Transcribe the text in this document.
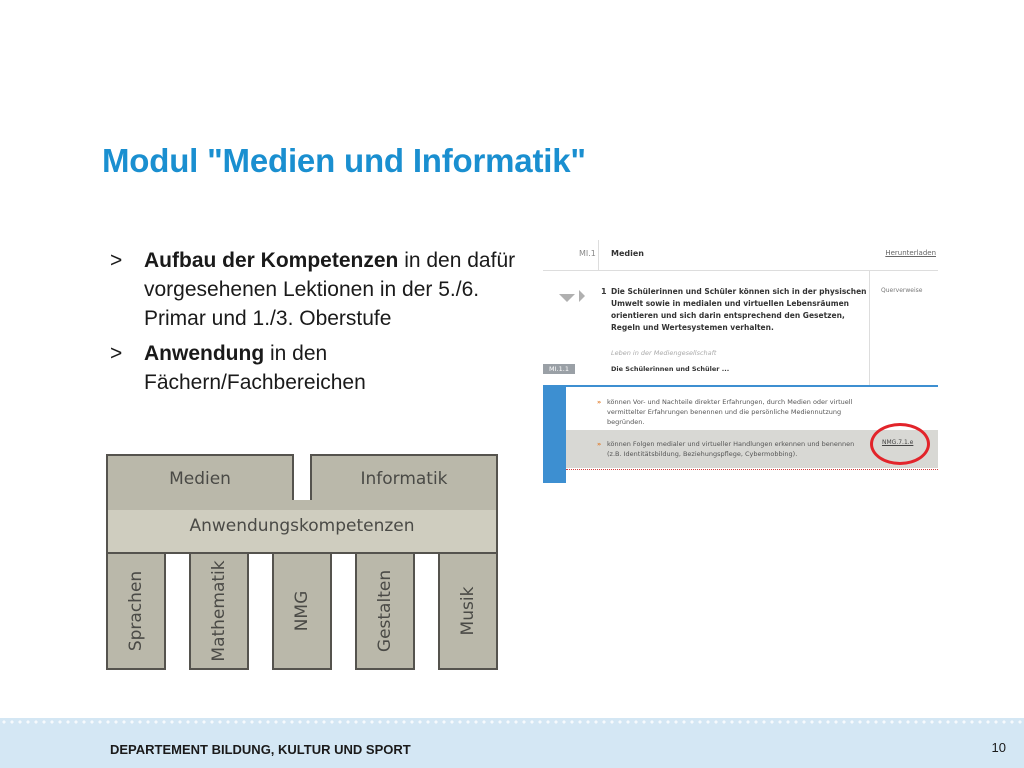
Modul "Medien und Informatik"
> Aufbau der Kompetenzen in den dafür vorgesehenen Lektionen in der 5./6. Primar und 1./3. Oberstufe
> Anwendung in den Fächern/Fachbereichen
Medien	Informatik
Anwendungskompetenzen
Sprachen	Mathematik	NMG	Gestalten	Musik
MI.1 Medien	Herunterladen
1 Die Schülerinnen und Schüler können sich in der physischen Umwelt sowie in medialen und virtuellen Lebensräumen orientieren und sich darin entsprechend den Gesetzen, Regeln und Wertesystemen verhalten.
Querverweise
Leben in der Mediengesellschaft
MI.1.1	Die Schülerinnen und Schüler ...
» können Vor- und Nachteile direkter Erfahrungen, durch Medien oder virtuell vermittelter Erfahrungen benennen und die persönliche Mediennutzung begründen.
» können Folgen medialer und virtueller Handlungen erkennen und benennen (z.B. Identitätsbildung, Beziehungspflege, Cybermobbing).
NMG.7.1.e
DEPARTEMENT BILDUNG, KULTUR UND SPORT	10
